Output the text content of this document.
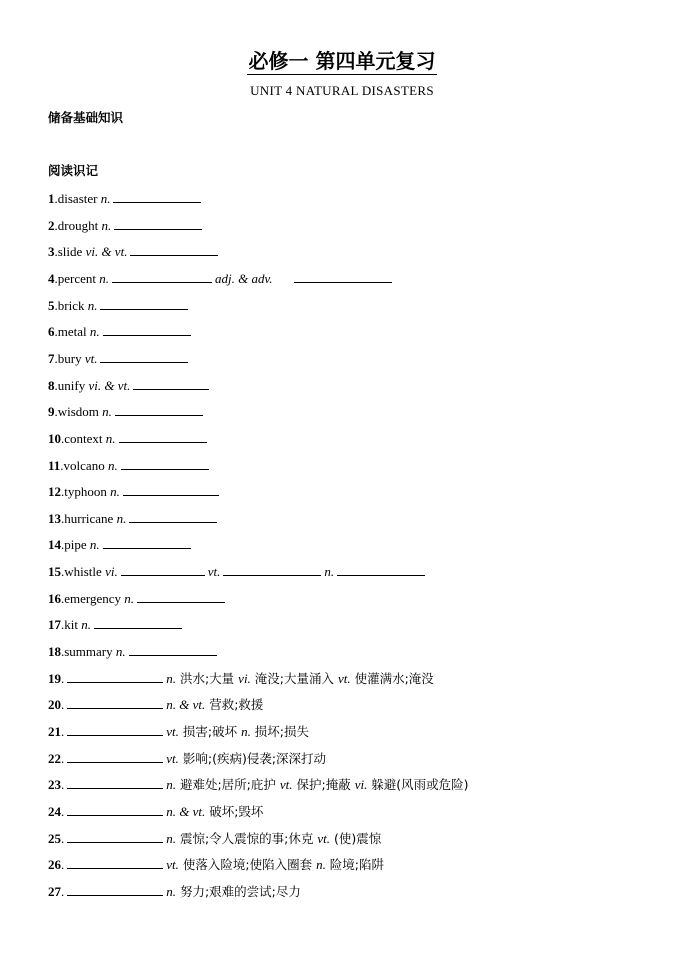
必修一 第四单元复习
UNIT 4 NATURAL DISASTERS
储备基础知识
阅读识记
1.disaster n.
2.drought n.
3.slide vi. & vt.
4.percent n.	adj. & adv.
5.brick n.
6.metal n.
7.bury vt.
8.unify vi. & vt.
9.wisdom n.
10.context n.
11.volcano n.
12.typhoon n.
13.hurricane n.
14.pipe n.
15.whistle vi.	vt.	n.
16.emergency n.
17.kit n.
18.summary n.
19.	n. 洪水;大量 vi. 淹没;大量涌入 vt. 使灌满水;淹没
20.	n. & vt. 营救;救援
21.	vt. 损害;破坏 n. 损坏;损失
22.	vt. 影响;(疾病)侵袭;深深打动
23.	n. 避难处;居所;庇护 vt. 保护;掩蔽 vi. 躲避(风雨或危险)
24.	n. & vt. 破坏;毁坏
25.	n. 震惊;令人震惊的事;休克 vt. (使)震惊
26.	vt. 使落入险境;使陷入圈套 n. 险境;陷阱
27.	n. 努力;艰难的尝试;尽力
